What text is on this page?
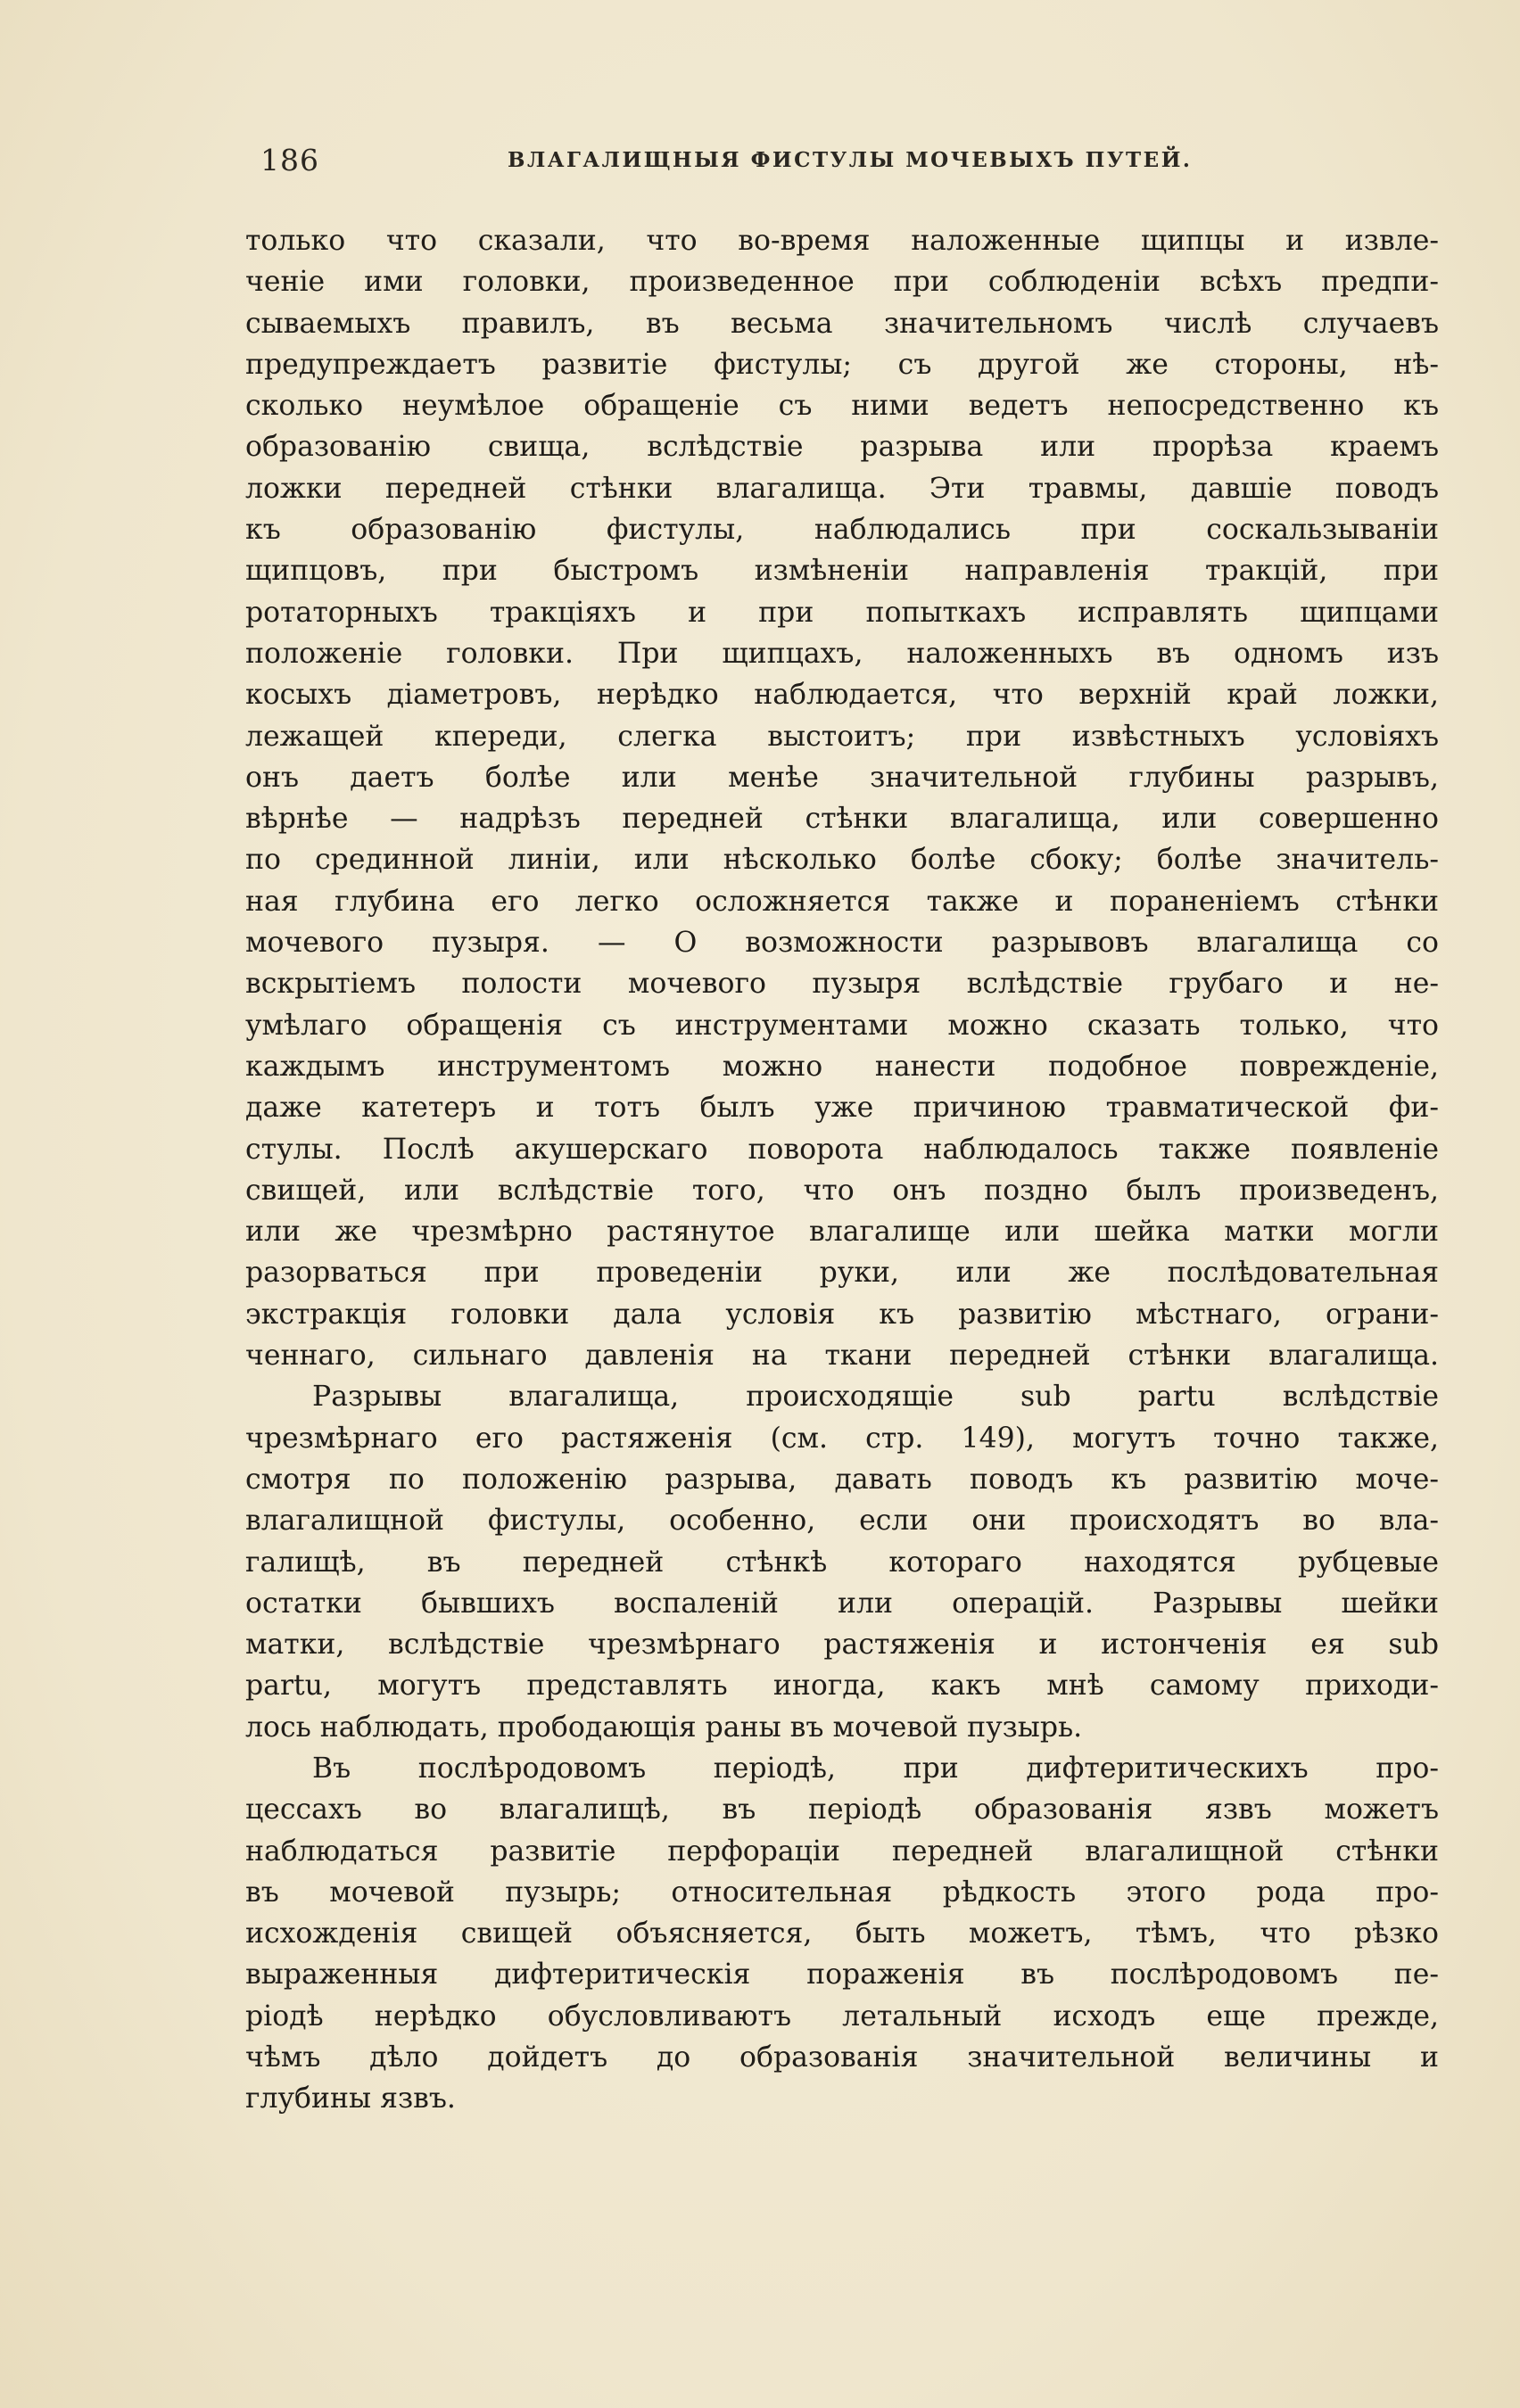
186	ВЛАГАЛИЩНЫЯ ФИСТУЛЫ МОЧЕВЫХЪ ПУТЕЙ.
только что сказали, что во-время наложенные щипцы и извле-
ченіе ими головки, произведенное при соблюденіи всѣхъ предпи-
сываемыхъ правилъ, въ весьма значительномъ числѣ случаевъ
предупреждаетъ развитіе фистулы; съ другой же стороны, нѣ-
сколько неумѣлое обращеніе съ ними ведетъ непосредственно къ
образованію свища, вслѣдствіе разрыва или прорѣза краемъ
ложки передней стѣнки влагалища. Эти травмы, давшіе поводъ
къ образованію фистулы, наблюдались при соскальзываніи
щипцовъ, при быстромъ измѣненіи направленія тракцій, при
ротаторныхъ тракціяхъ и при попыткахъ исправлять щипцами
положеніе головки. При щипцахъ, наложенныхъ въ одномъ изъ
косыхъ діаметровъ, нерѣдко наблюдается, что верхній край ложки,
лежащей кпереди, слегка выстоитъ; при извѣстныхъ условіяхъ
онъ даетъ болѣе или менѣе значительной глубины разрывъ,
вѣрнѣе — надрѣзъ передней стѣнки влагалища, или совершенно
по срединной линіи, или нѣсколько болѣе сбоку; болѣе значитель-
ная глубина его легко осложняется также и пораненіемъ стѣнки
мочевого пузыря. — О возможности разрывовъ влагалища со
вскрытіемъ полости мочевого пузыря вслѣдствіе грубаго и не-
умѣлаго обращенія съ инструментами можно сказать только, что
каждымъ инструментомъ можно нанести подобное поврежденіе,
даже катетеръ и тотъ былъ уже причиною травматической фи-
стулы. Послѣ акушерскаго поворота наблюдалось также появленіе
свищей, или вслѣдствіе того, что онъ поздно былъ произведенъ,
или же чрезмѣрно растянутое влагалище или шейка матки могли
разорваться при проведеніи руки, или же послѣдовательная
экстракція головки дала условія къ развитію мѣстнаго, ограни-
ченнаго, сильнаго давленія на ткани передней стѣнки влагалища.
Разрывы влагалища, происходящіе sub partu вслѣдствіе
чрезмѣрнаго его растяженія (см. стр. 149), могутъ точно также,
смотря по положенію разрыва, давать поводъ къ развитію моче-
влагалищной фистулы, особенно, если они происходятъ во вла-
галищѣ, въ передней стѣнкѣ котораго находятся рубцевые
остатки бывшихъ воспаленій или операцій. Разрывы шейки
матки, вслѣдствіе чрезмѣрнаго растяженія и истонченія ея sub
partu, могутъ представлять иногда, какъ мнѣ самому приходи-
лось наблюдать, прободающія раны въ мочевой пузырь.
Въ послѣродовомъ періодѣ, при дифтеритическихъ про-
цессахъ во влагалищѣ, въ періодѣ образованія язвъ можетъ
наблюдаться развитіе перфораціи передней влагалищной стѣнки
въ мочевой пузырь; относительная рѣдкость этого рода про-
исхожденія свищей объясняется, быть можетъ, тѣмъ, что рѣзко
выраженныя дифтеритическія пораженія въ послѣродовомъ пе-
ріодѣ нерѣдко обусловливаютъ летальный исходъ еще прежде,
чѣмъ дѣло дойдетъ до образованія значительной величины и
глубины язвъ.
